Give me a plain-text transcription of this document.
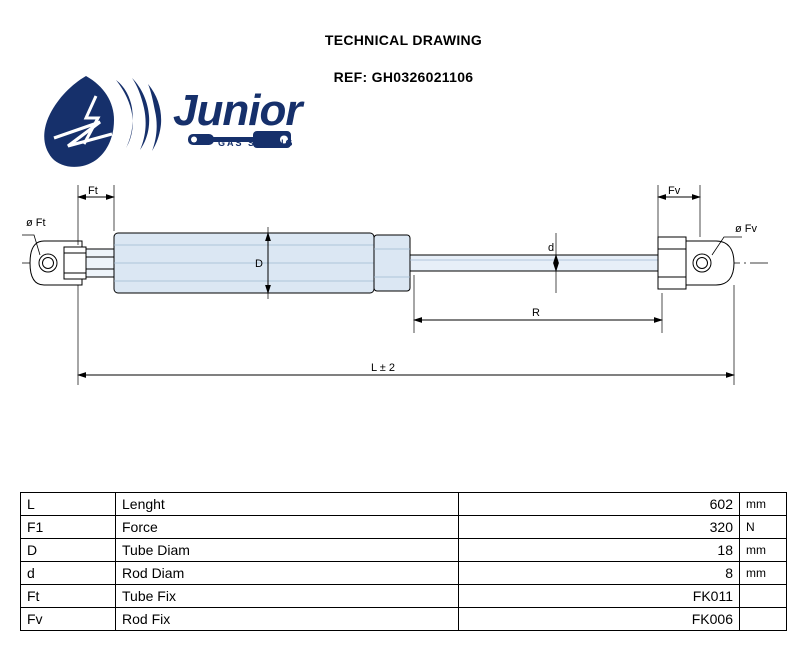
TECHNICAL DRAWING
REF: GH0326021106
Junior
GAS SPRING
Ft	Fv
ø Ft	ø Fv
D
d
R
L ± 2
L	Lenght	602	mm
F1	Force	320	N
D	Tube Diam	18	mm
d	Rod Diam	8	mm
Ft	Tube Fix	FK011	
Fv	Rod Fix	FK006	
